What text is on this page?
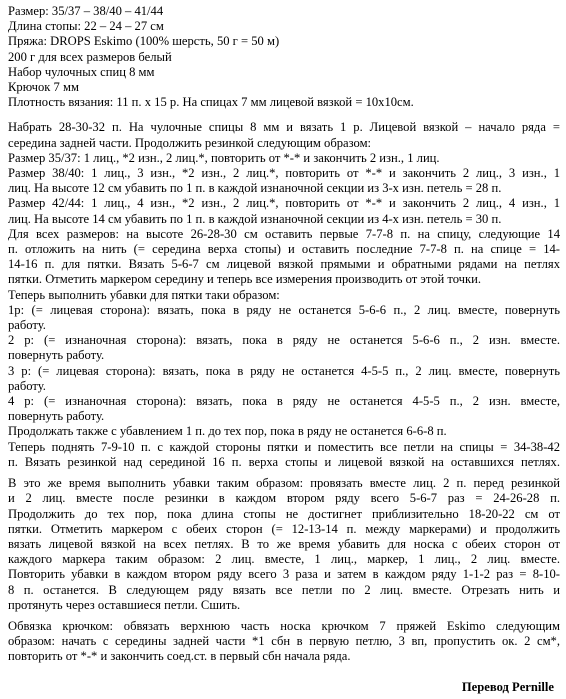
Размер: 35/37 – 38/40 – 41/44
Длина стопы: 22 – 24 – 27 см
Пряжа: DROPS Eskimo (100% шерсть, 50 г = 50 м)
200 г для всех размеров белый
Набор чулочных спиц 8 мм
Крючок 7 мм
Плотность вязания: 11 п. x 15 р. На спицах 7 мм лицевой вязкой = 10x10см.
Набрать 28-30-32 п. На чулочные спицы 8 мм и вязать 1 р. Лицевой вязкой – начало ряда =
середина задней части. Продолжить резинкой следующим образом:
Размер 35/37: 1 лиц., *2 изн., 2 лиц.*, повторить от *-* и закончить 2 изн., 1 лиц.
Размер 38/40: 1 лиц., 3 изн., *2 изн., 2 лиц.*, повторить от *-* и закончить 2 лиц., 3 изн., 1
лиц. На высоте 12 см убавить по 1 п. в каждой изнаночной секции из 3-х изн. петель = 28 п.
Размер 42/44: 1 лиц., 4 изн., *2 изн., 2 лиц.*, повторить от *-* и закончить 2 лиц., 4 изн., 1
лиц. На высоте 14 см убавить по 1 п. в каждой изнаночной секции из 4-х изн. петель = 30 п.
Для всех размеров: на высоте 26-28-30 см оставить первые 7-7-8 п. на спицу, следующие 14
п. отложить на нить (= середина верха стопы) и оставить последние 7-7-8 п. на спице = 14-
14-16 п. для пятки. Вязать 5-6-7 см лицевой вязкой прямыми и обратными рядами на петлях
пятки. Отметить маркером середину и теперь все измерения производить от этой точки.
Теперь выполнить убавки для пятки таки образом:
1р: (= лицевая сторона): вязать, пока в ряду не останется 5-6-6 п., 2 лиц. вместе, повернуть
работу.
2 р: (= изнаночная сторона): вязать, пока в ряду не останется 5-6-6 п., 2 изн. вместе.
повернуть работу.
3 р: (= лицевая сторона): вязать, пока в ряду не останется 4-5-5 п., 2 лиц. вместе, повернуть
работу.
4 р: (= изнаночная сторона): вязать, пока в ряду не останется 4-5-5 п., 2 изн. вместе,
повернуть работу.
Продолжать также с убавлением 1 п. до тех пор, пока в ряду не останется 6-6-8 п.
Теперь поднять 7-9-10 п. с каждой стороны пятки и поместить все петли на спицы = 34-38-42
п. Вязать резинкой над серединой 16 п. верха стопы и лицевой вязкой на оставшихся петлях.
В это же время выполнить убавки таким образом: провязать вместе лиц. 2 п. перед резинкой
и 2 лиц. вместе после резинки в каждом втором ряду всего 5-6-7 раз = 24-26-28 п.
Продолжить до тех пор, пока длина стопы не достигнет приблизительно 18-20-22 см от
пятки. Отметить маркером с обеих сторон (= 12-13-14 п. между маркерами) и продолжить
вязать лицевой вязкой на всех петлях. В то же время убавить для носка с обеих сторон от
каждого маркера таким образом: 2 лиц. вместе, 1 лиц., маркер, 1 лиц., 2 лиц. вместе.
Повторить убавки в каждом втором ряду всего 3 раза и затем в каждом ряду 1-1-2 раз = 8-10-
8 п. останется. В следующем ряду вязать все петли по 2 лиц. вместе. Отрезать нить и
протянуть через оставшиеся петли. Сшить.
Обвязка крючком: обвязать верхнюю часть носка крючком 7 пряжей Eskimo следующим
образом: начать с середины задней части *1 сбн в первую петлю, 3 вп, пропустить ок. 2 см*,
повторить от *-* и закончить соед.ст. в первый сбн начала ряда.
Перевод Pernille
